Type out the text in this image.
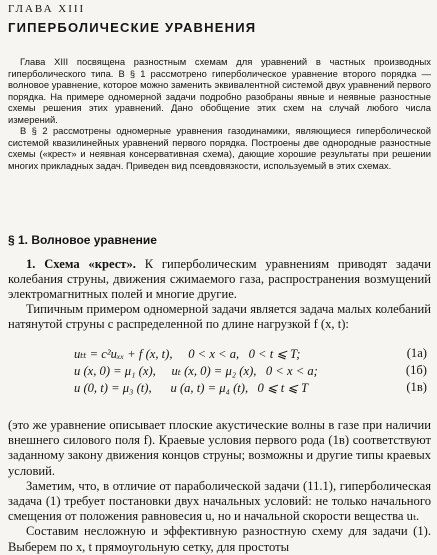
ГЛАВА XIII
ГИПЕРБОЛИЧЕСКИЕ УРАВНЕНИЯ

Глава XIII посвящена разностным схемам для уравнений в частных производных гиперболического типа. В § 1 рассмотрено гиперболическое уравнение второго порядка — волновое уравнение, которое можно заменить эквивалентной системой двух уравнений первого порядка. На примере одномерной задачи подробно разобраны явные и неявные разностные схемы решения этих уравнений. Дано обобщение этих схем на случай любого числа измерений.

В § 2 рассмотрены одномерные уравнения газодинамики, являющиеся гиперболической системой квазилинейных уравнений первого порядка. Построены две однородные разностные схемы («крест» и неявная консервативная схема), дающие хорошие результаты при решении многих прикладных задач. Приведен вид псевдовязкости, используемый в этих схемах.

§ 1. Волновое уравнение

1. Схема «крест». К гиперболическим уравнениям приводят задачи колебания струны, движения сжимаемого газа, распространения возмущений электромагнитных полей и многие другие.

Типичным примером одномерной задачи является задача малых колебаний натянутой струны с распределенной по длине нагрузкой f (x, t):

uₜₜ = c²uₓₓ + f (x, t),     0 < x < a,   0 < t ⩽ T;	(1а)
u (x, 0) = μ₁ (x),     uₜ (x, 0) = μ₂ (x),   0 < x < a;	(1б)
u (0, t) = μ₃ (t),      u (a, t) = μ₄ (t),   0 ⩽ t ⩽ T	(1в)

(это же уравнение описывает плоские акустические волны в газе при наличии внешнего силового поля f). Краевые условия первого рода (1в) соответствуют заданному закону движения концов струны; возможны и другие типы краевых условий.

Заметим, что, в отличие от параболической задачи (11.1), гиперболическая задача (1) требует постановки двух начальных условий: не только начального смещения от положения равновесия u, но и начальной скорости вещества uₜ.

Составим несложную и эффективную разностную схему для задачи (1). Выберем по x, t прямоугольную сетку, для простоты
